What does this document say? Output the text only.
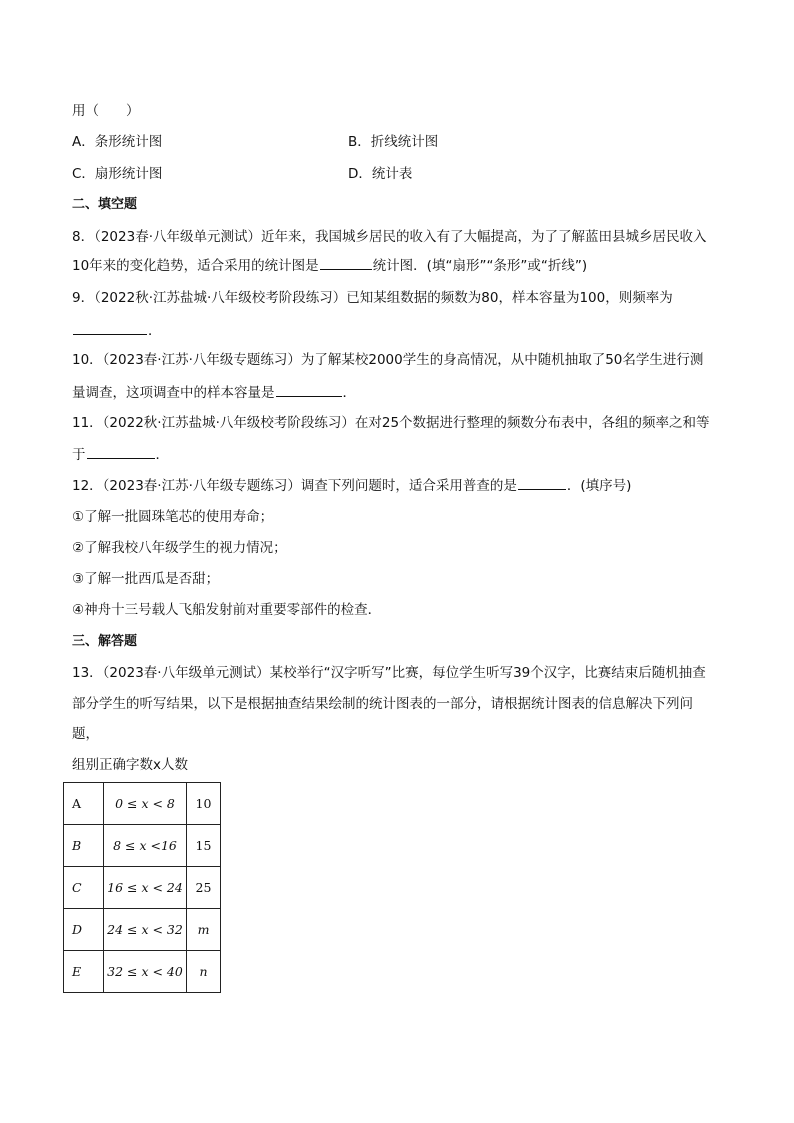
用（　　）
A．条形统计图	B．折线统计图
C．扇形统计图	D．统计表
二、填空题
8．（2023春·八年级单元测试）近年来，我国城乡居民的收入有了大幅提高，为了了解蓝田县城乡居民收入
10年来的变化趋势，适合采用的统计图是	统计图．(填“扇形”“条形”或“折线”)
9．（2022秋·江苏盐城·八年级校考阶段练习）已知某组数据的频数为80，样本容量为100，则频率为
．
10．（2023春·江苏·八年级专题练习）为了解某校2000学生的身高情况，从中随机抽取了50名学生进行测
量调查，这项调查中的样本容量是	．
11．（2022秋·江苏盐城·八年级校考阶段练习）在对25个数据进行整理的频数分布表中，各组的频率之和等
于	．
12．（2023春·江苏·八年级专题练习）调查下列问题时，适合采用普查的是	．(填序号)
①了解一批圆珠笔芯的使用寿命；
②了解我校八年级学生的视力情况；
③了解一批西瓜是否甜；
④神舟十三号载人飞船发射前对重要零部件的检查．
三、解答题
13．（2023春·八年级单元测试）某校举行“汉字听写”比赛，每位学生听写39个汉字，比赛结束后随机抽查
部分学生的听写结果，以下是根据抽查结果绘制的统计图表的一部分，请根据统计图表的信息解决下列问
题，
组别正确字数x人数
A	0 ≤ x < 8	10
B	8 ≤ x <16	15
C	16 ≤ x < 24	25
D	24 ≤ x < 32	m
E	32 ≤ x < 40	n
